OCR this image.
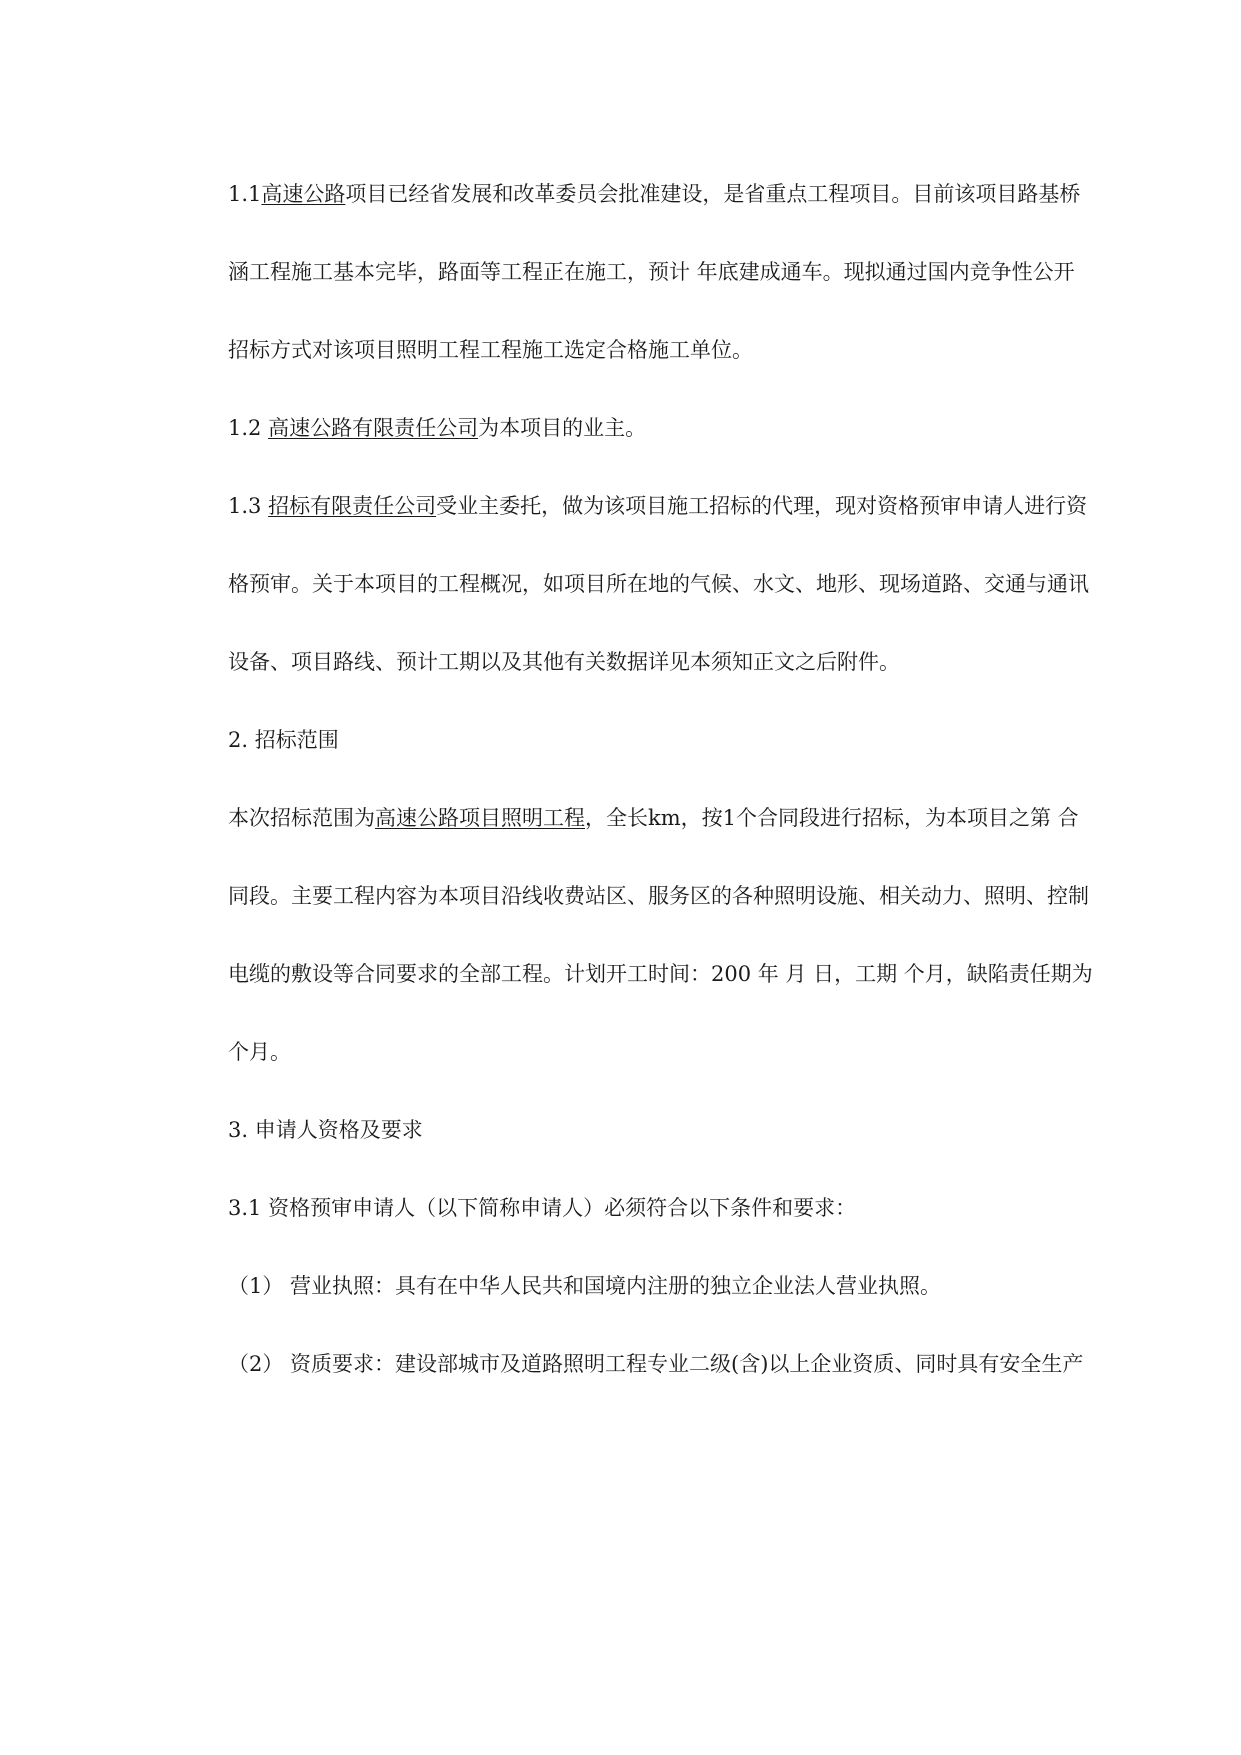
1.1高速公路项目已经省发展和改革委员会批准建设，是省重点工程项目。目前该项目路基桥

涵工程施工基本完毕，路面等工程正在施工，预计 年底建成通车。现拟通过国内竞争性公开

招标方式对该项目照明工程工程施工选定合格施工单位。

1.2 高速公路有限责任公司为本项目的业主。

1.3 招标有限责任公司受业主委托，做为该项目施工招标的代理，现对资格预审申请人进行资

格预审。关于本项目的工程概况，如项目所在地的气候、水文、地形、现场道路、交通与通讯

设备、项目路线、预计工期以及其他有关数据详见本须知正文之后附件。

2. 招标范围

本次招标范围为高速公路项目照明工程，全长km，按1个合同段进行招标，为本项目之第 合

同段。主要工程内容为本项目沿线收费站区、服务区的各种照明设施、相关动力、照明、控制

电缆的敷设等合同要求的全部工程。计划开工时间：200 年 月 日，工期 个月，缺陷责任期为

个月。

3. 申请人资格及要求

3.1 资格预审申请人（以下简称申请人）必须符合以下条件和要求：

（1） 营业执照：具有在中华人民共和国境内注册的独立企业法人营业执照。

（2） 资质要求：建设部城市及道路照明工程专业二级(含)以上企业资质、同时具有安全生产
